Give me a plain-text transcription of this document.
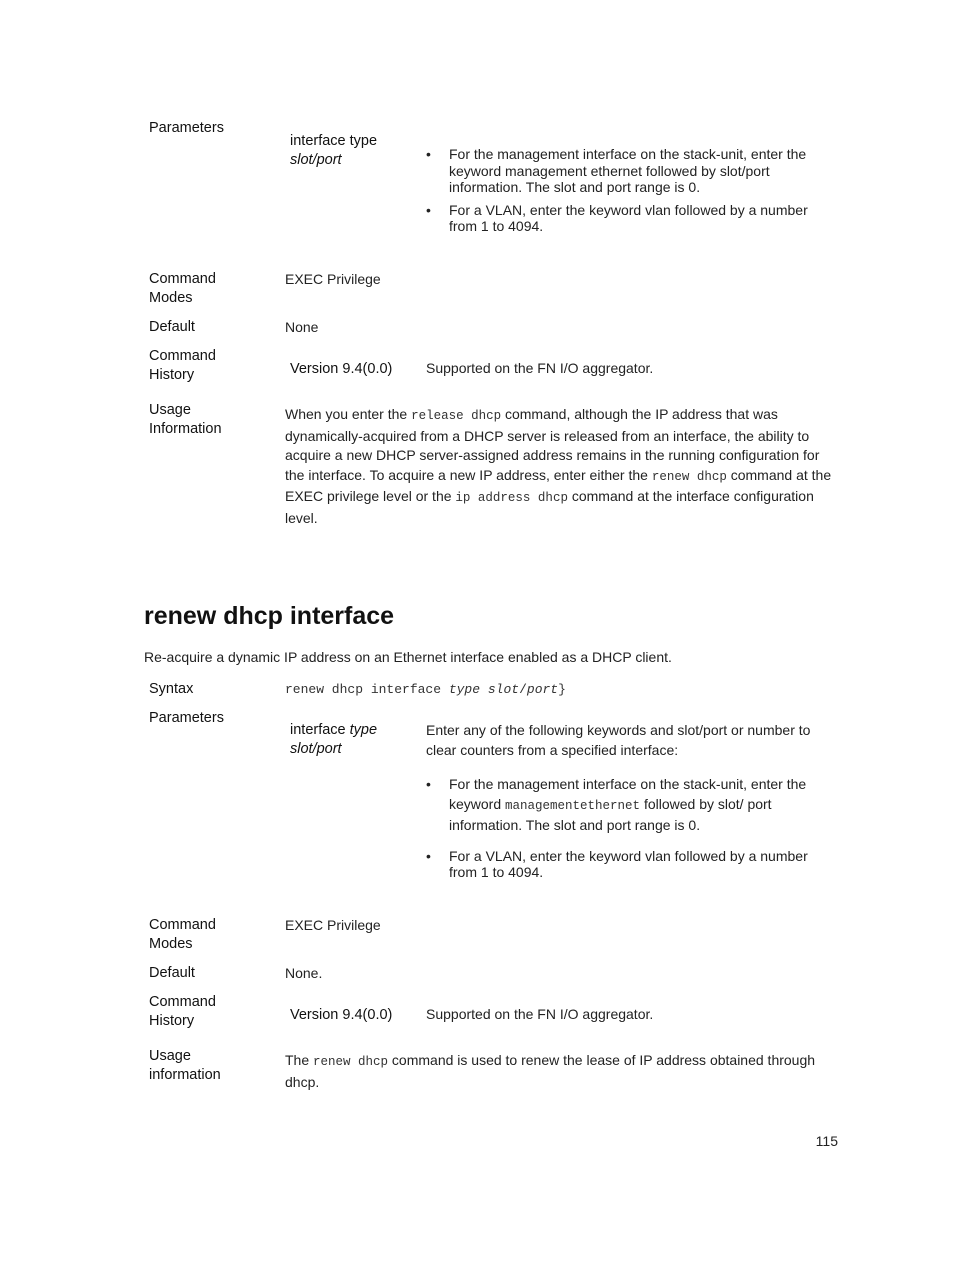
Parameters
interface type
slot/port
•	For the management interface on the stack-unit, enter the keyword management ethernet followed by slot/port information. The slot and port range is 0.
• For a VLAN, enter the keyword vlan followed by a number from 1 to 4094.
Command
Modes
EXEC Privilege
Default	None
Command
History	Version 9.4(0.0) Supported on the FN I/O aggregator.
Usage
Information
When you enter the release dhcp command, although the IP address that was dynamically-acquired from a DHCP server is released from an interface, the ability to acquire a new DHCP server-assigned address remains in the running configuration for the interface. To acquire a new IP address, enter either the renew dhcp command at the EXEC privilege level or the ip address dhcp command at the interface configuration level.
renew dhcp interface
Re-acquire a dynamic IP address on an Ethernet interface enabled as a DHCP client.
Syntax	renew dhcp interface type slot/port}
Parameters
interface type
slot/port
Enter any of the following keywords and slot/port or number to clear counters from a specified interface:
• For the management interface on the stack-unit, enter the keyword managementethernet followed by slot/ port information. The slot and port range is 0.
• For a VLAN, enter the keyword vlan followed by a number from 1 to 4094.
Command
Modes
EXEC Privilege
Default	None.
Command
History	Version 9.4(0.0) Supported on the FN I/O aggregator.
Usage
information
The renew dhcp command is used to renew the lease of IP address obtained through dhcp.
115
